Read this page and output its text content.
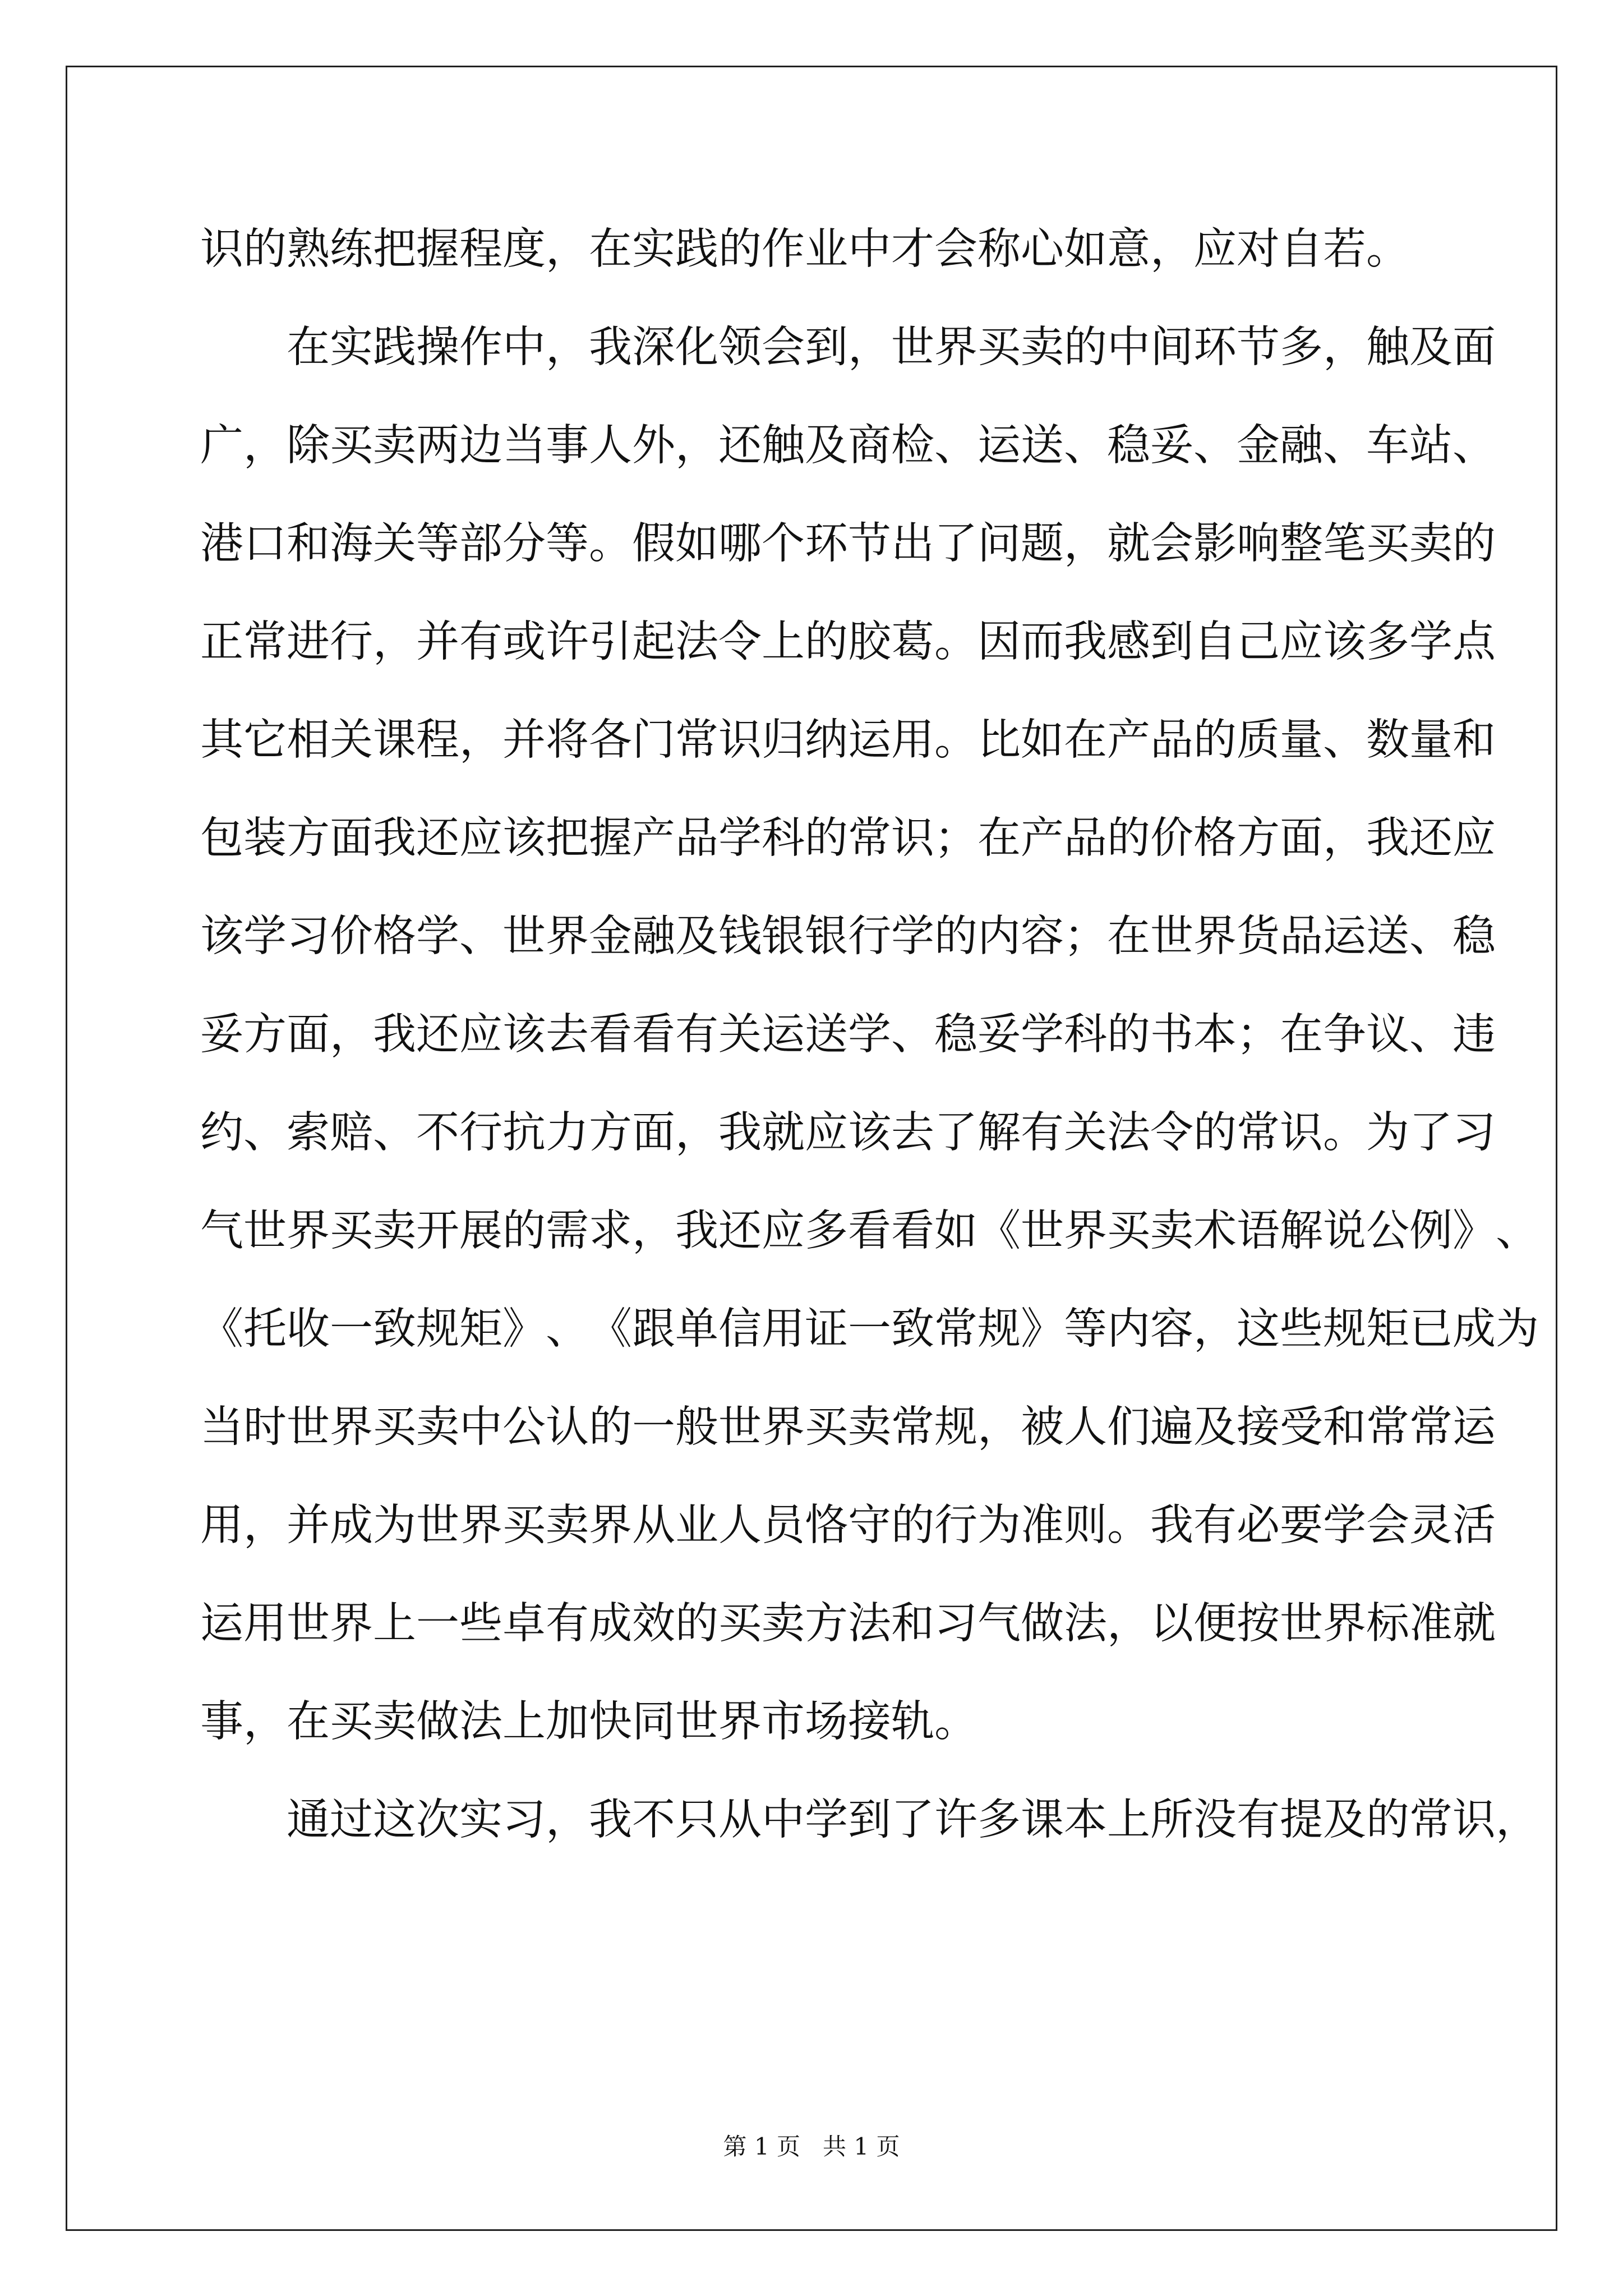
识的熟练把握程度，在实践的作业中才会称心如意，应对自若。
在 实 践 操 作 中 ， 我 深 化 领 会 到 ， 世 界 买 卖 的 中 间 环 节 多 ， 触 及 面
广 ， 除 买 卖 两 边 当 事 人 外 ， 还 触 及 商 检 、 运 送 、 稳 妥 、 金 融 、 车 站 、
港 口 和 海 关 等 部 分 等 。 假 如 哪 个 环 节 出 了 问 题 ， 就 会 影 响 整 笔 买 卖 的
正 常 进 行 ， 并 有 或 许 引 起 法 令 上 的 胶 葛 。 因 而 我 感 到 自 己 应 该 多 学 点
其 它 相 关 课 程 ， 并 将 各 门 常 识 归 纳 运 用 。 比 如 在 产 品 的 质 量 、 数 量 和
包 装 方 面 我 还 应 该 把 握 产 品 学 科 的 常 识 ； 在 产 品 的 价 格 方 面 ， 我 还 应
该 学 习 价 格 学 、 世 界 金 融 及 钱 银 银 行 学 的 内 容 ； 在 世 界 货 品 运 送 、 稳
妥 方 面 ， 我 还 应 该 去 看 看 有 关 运 送 学 、 稳 妥 学 科 的 书 本 ； 在 争 议 、 违
约 、 索 赔 、 不 行 抗 力 方 面 ， 我 就 应 该 去 了 解 有 关 法 令 的 常 识 。 为 了 习
气 世 界 买 卖 开 展 的 需 求 ， 我 还 应 多 看 看 如 《 世 界 买 卖 术 语 解 说 公 例 》 、
《 托 收 一 致 规 矩 》 、 《 跟 单 信 用 证 一 致 常 规 》 等 内 容 ， 这 些 规 矩 已 成 为
当 时 世 界 买 卖 中 公 认 的 一 般 世 界 买 卖 常 规 ， 被 人 们 遍 及 接 受 和 常 常 运
用 ， 并 成 为 世 界 买 卖 界 从 业 人 员 恪 守 的 行 为 准 则 。 我 有 必 要 学 会 灵 活
运 用 世 界 上 一 些 卓 有 成 效 的 买 卖 方 法 和 习 气 做 法 ， 以 便 按 世 界 标 准 就
事，在买卖做法上加快同世界市场接轨。
通 过 这 次 实 习 ， 我 不 只 从 中 学 到 了 许 多 课 本 上 所 没 有 提 及 的 常 识 ，
第 1 页   共 1 页
